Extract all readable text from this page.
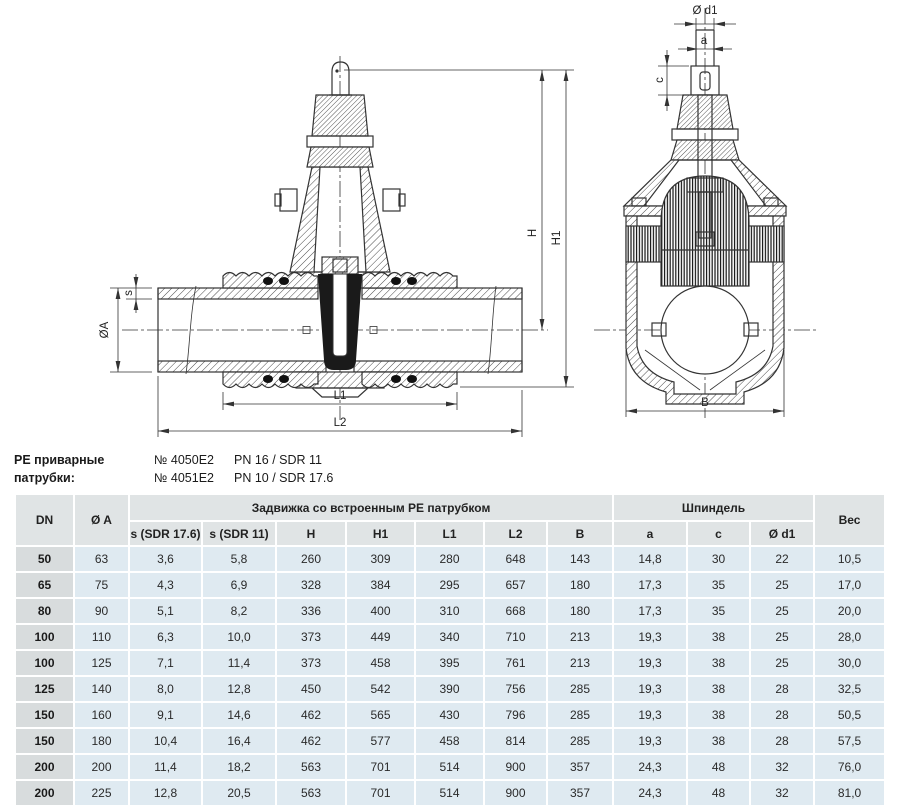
s
ØA
H H1
L1
L2
Ø d1
a
c
B
PE приварные патрубки:
№ 4050E2	PN 16 / SDR 11
№ 4051E2	PN 10 / SDR 17.6
DN	Ø A	Задвижка со встроенным PE патрубком							Шпиндель			Вес
		s (SDR 17.6)	s (SDR 11)	H	H1	L1	L2	B	a	c	Ø d1	
50	63	3,6	5,8	260	309	280	648	143	14,8	30	22	10,5
65	75	4,3	6,9	328	384	295	657	180	17,3	35	25	17,0
80	90	5,1	8,2	336	400	310	668	180	17,3	35	25	20,0
100	110	6,3	10,0	373	449	340	710	213	19,3	38	25	28,0
100	125	7,1	11,4	373	458	395	761	213	19,3	38	25	30,0
125	140	8,0	12,8	450	542	390	756	285	19,3	38	28	32,5
150	160	9,1	14,6	462	565	430	796	285	19,3	38	28	50,5
150	180	10,4	16,4	462	577	458	814	285	19,3	38	28	57,5
200	200	11,4	18,2	563	701	514	900	357	24,3	48	32	76,0
200	225	12,8	20,5	563	701	514	900	357	24,3	48	32	81,0
